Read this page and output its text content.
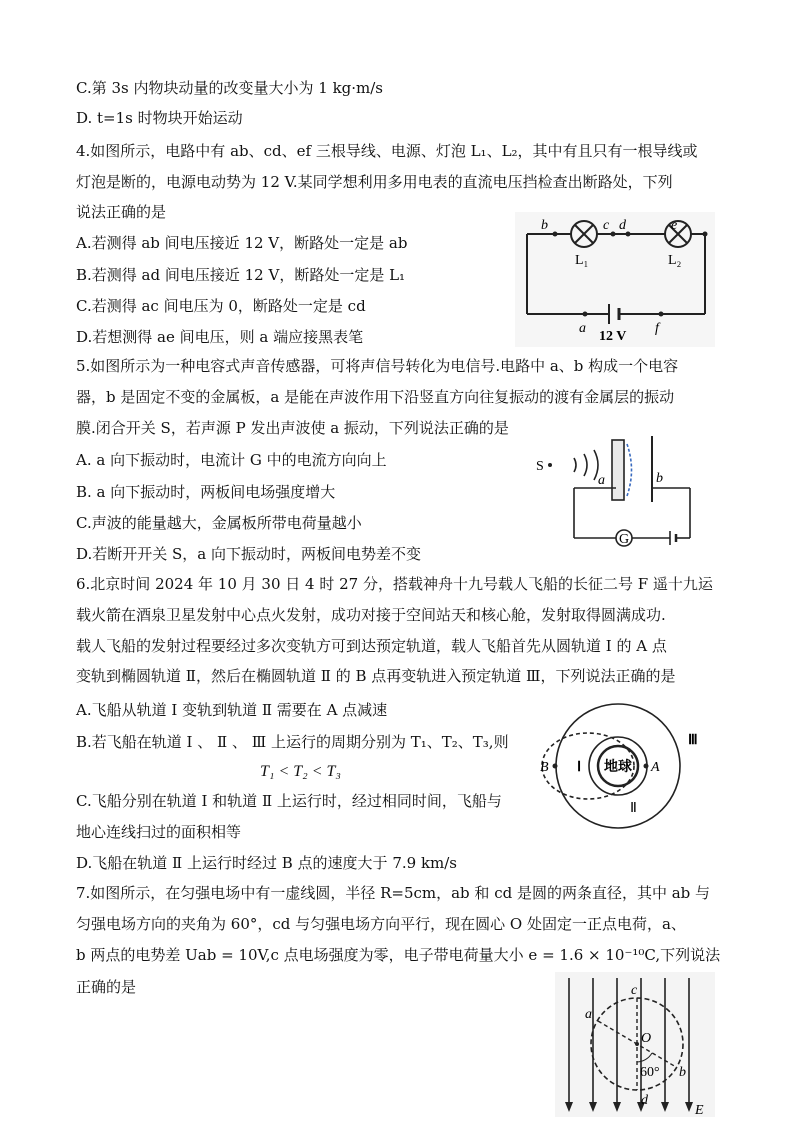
C.第 3s 内物块动量的改变量大小为 1 kg·m/s
D. t=1s 时物块开始运动
4.如图所示，电路中有 ab、cd、ef 三根导线、电源、灯泡 L₁、L₂，其中有且只有一根导线或
灯泡是断的，电源电动势为 12 V.某同学想利用多用电表的直流电压挡检查出断路处，下列
说法正确的是
A.若测得 ab 间电压接近 12 V，断路处一定是 ab
B.若测得 ad 间电压接近 12 V，断路处一定是 L₁
C.若测得 ac 间电压为 0，断路处一定是 cd
D.若想测得 ae 间电压，则 a 端应接黑表笔
5.如图所示为一种电容式声音传感器，可将声信号转化为电信号.电路中 a、b 构成一个电容
器，b 是固定不变的金属板，a 是能在声波作用下沿竖直方向往复振动的渡有金属层的振动
膜.闭合开关 S，若声源 P 发出声波使 a 振动，下列说法正确的是
A. a 向下振动时，电流计 G 中的电流方向向上
B. a 向下振动时，两板间电场强度增大
C.声波的能量越大，金属板所带电荷量越小
D.若断开开关 S，a 向下振动时，两板间电势差不变
6.北京时间 2024 年 10 月 30 日 4 时 27 分，搭载神舟十九号载人飞船的长征二号 F 遥十九运
载火箭在酒泉卫星发射中心点火发射，成功对接于空间站天和核心舱，发射取得圆满成功.
载人飞船的发射过程要经过多次变轨方可到达预定轨道，载人飞船首先从圆轨道 Ⅰ 的 A 点
变轨到椭圆轨道 Ⅱ，然后在椭圆轨道 Ⅱ 的 B 点再变轨进入预定轨道 Ⅲ，下列说法正确的是
A.飞船从轨道 Ⅰ 变轨到轨道 Ⅱ 需要在 A 点减速
B.若飞船在轨道 Ⅰ 、 Ⅱ 、 Ⅲ 上运行的周期分别为 T₁、T₂、T₃,则
T₁ < T₂ < T₃
C.飞船分别在轨道 Ⅰ 和轨道 Ⅱ 上运行时，经过相同时间，飞船与
地心连线扫过的面积相等
D.飞船在轨道 Ⅱ 上运行时经过 B 点的速度大于 7.9 km/s
7.如图所示，在匀强电场中有一虚线圆，半径 R=5cm，ab 和 cd 是圆的两条直径，其中 ab 与
匀强电场方向的夹角为 60°，cd 与匀强电场方向平行，现在圆心 O 处固定一正点电荷，a、
b 两点的电势差 Uab = 10V,c 点电场强度为零，电子带电荷量大小 e = 1.6 × 10⁻¹⁰C,下列说法
正确的是
b	c d	e
L₁	L₂
a
12 V
f
S
a	b
G
地球
B Ⅰ	A
Ⅱ
Ⅲ
c
a
O
60° b
d
E
